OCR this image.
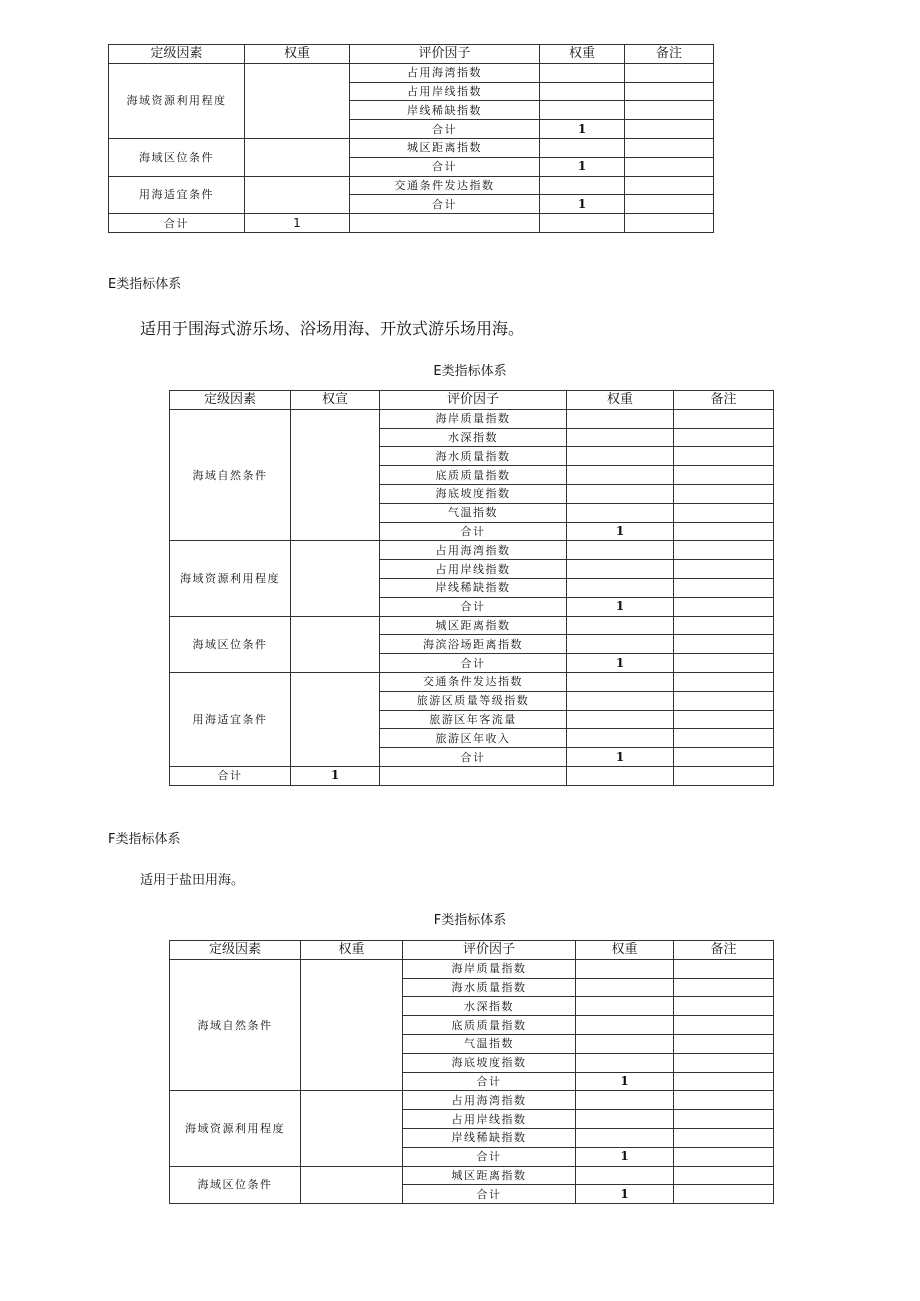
定级因素	权重	评价因子	权重	备注
海域资源利用程度		占用海湾指数		
		占用岸线指数		
		岸线稀缺指数		
		合计	1	
海域区位条件		城区距离指数		
		合计	1	
用海适宜条件		交通条件发达指数		
		合计	1	
合计	1			
E类指标体系
适用于围海式游乐场、浴场用海、开放式游乐场用海。
E类指标体系
定级因素	权宣	评价因子	权重	备注
海域自然条件		海岸质量指数		
		水深指数		
		海水质量指数		
		底质质量指数		
		海底坡度指数		
		气温指数		
		合计	1	
海域资源利用程度		占用海湾指数		
		占用岸线指数		
		岸线稀缺指数		
		合计	1	
海域区位条件		城区距离指数		
		海滨浴场距离指数		
		合计	1	
用海适宜条件		交通条件发达指数		
		旅游区质量等级指数		
		旅游区年客流量		
		旅游区年收入		
		合计	1	
合计	1			
F类指标体系
适用于盐田用海。
F类指标体系
定级因素	权重	评价因子	权重	备注
海域自然条件		海岸质量指数		
		海水质量指数		
		水深指数		
		底质质量指数		
		气温指数		
		海底坡度指数		
		合计	1	
海域资源利用程度		占用海湾指数		
		占用岸线指数		
		岸线稀缺指数		
		合计	1	
海域区位条件		城区距离指数		
		合计	1	
